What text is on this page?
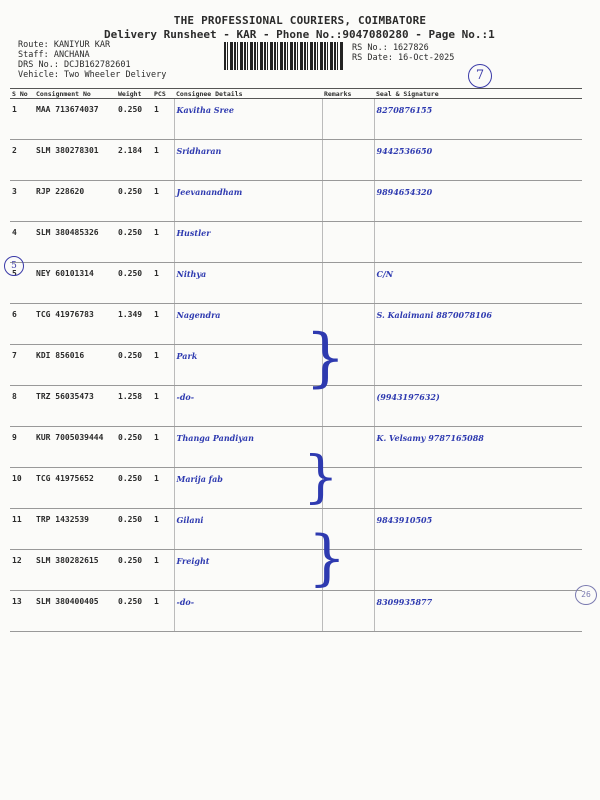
THE PROFESSIONAL COURIERS, COIMBATORE
Delivery Runsheet - KAR - Phone No.:9047080280 - Page No.:1
Route: KANIYUR KAR
Staff: ANCHANA
DRS No.: DCJB162782601
Vehicle: Two Wheeler Delivery
RS No.: 1627826
RS Date: 16-Oct-2025
7
S No	Consignment No	Weight	PCS	Consignee Details	Remarks	Seal & Signature
1	MAA 713674037	0.250	1	Kavitha Sree		8270876155
2	SLM 380278301	2.184	1	Sridharan		9442536650
3	RJP 228620	0.250	1	Jeevanandham		9894654320
4	SLM 380485326	0.250	1	Hustler		
5	NEY 60101314	0.250	1	Nithya		C/N
6	TCG 41976783	1.349	1	Nagendra		S. Kalaimani 8870078106
7	KDI 856016	0.250	1	Park		
8	TRZ 56035473	1.258	1	-do-		(9943197632)
9	KUR 7005039444	0.250	1	Thanga Pandiyan		K. Velsamy 9787165088
10	TCG 41975652	0.250	1	Marija fab		
11	TRP 1432539	0.250	1	Gilani		9843910505
12	SLM 380282615	0.250	1	Freight		
13	SLM 380400405	0.250	1	-do-		8309935877
5
26
}
}
}
